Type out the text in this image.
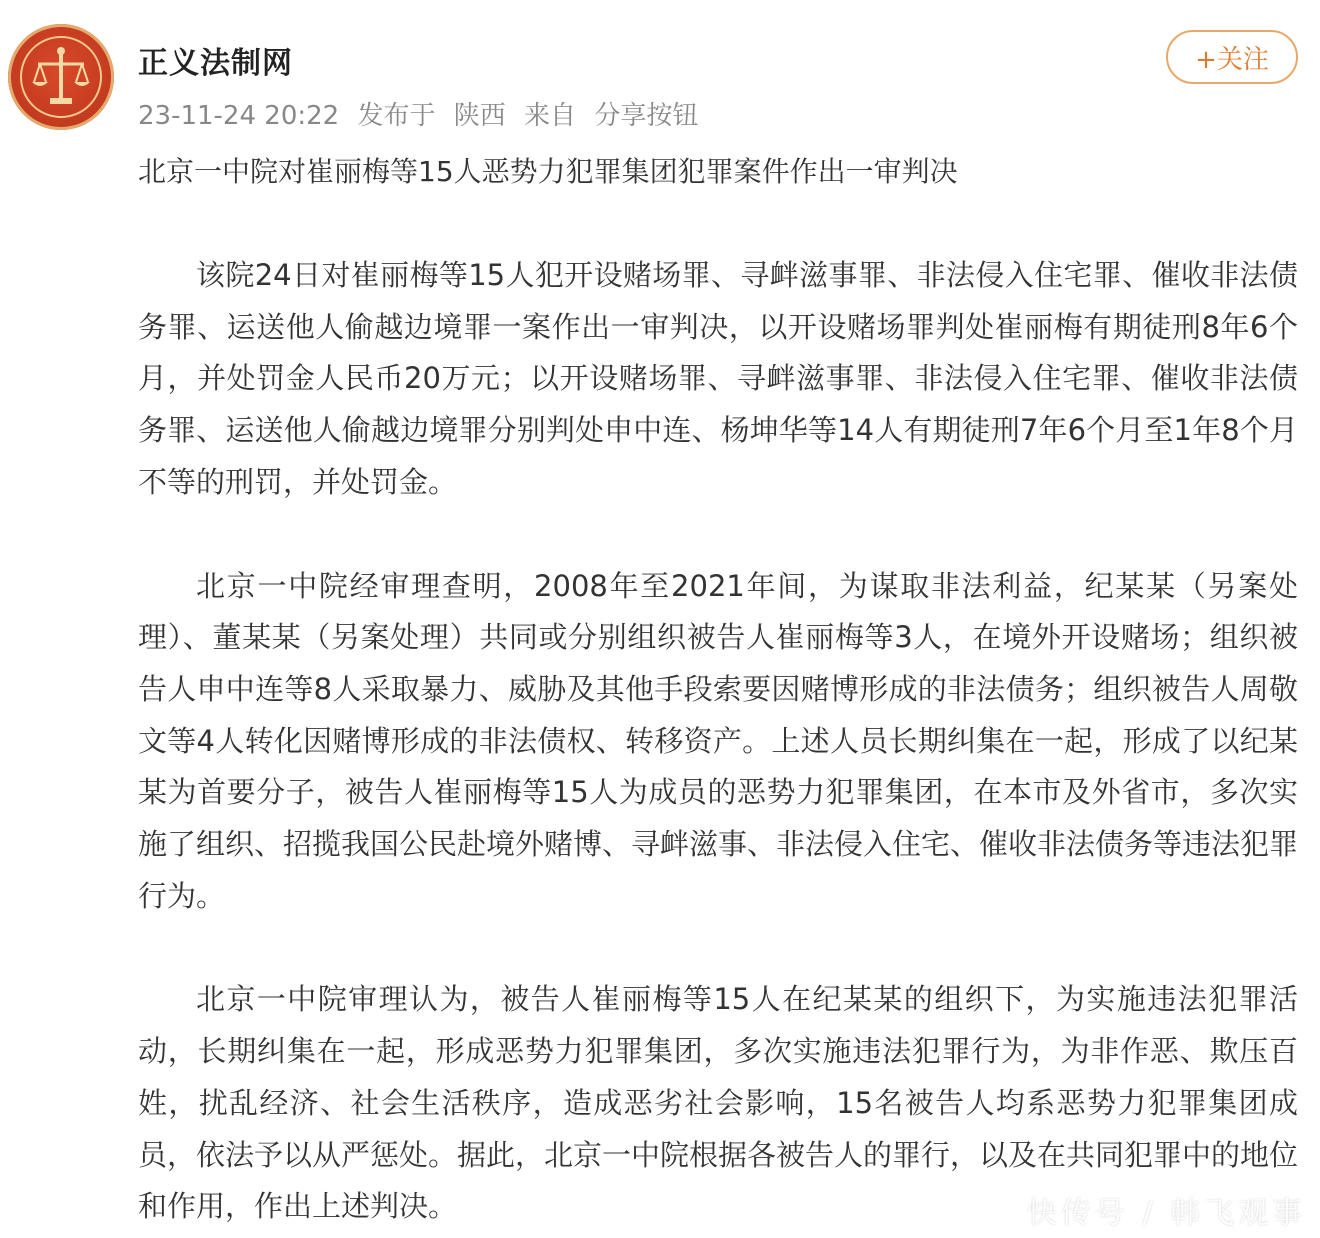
正义法制网
23-11-24 20:22 发布于 陕西 来自 分享按钮
+关注
北京一中院对崔丽梅等15人恶势力犯罪集团犯罪案件作出一审判决

该院24日对崔丽梅等15人犯开设赌场罪、寻衅滋事罪、非法侵入住宅罪、催收非法债务罪、运送他人偷越边境罪一案作出一审判决，以开设赌场罪判处崔丽梅有期徒刑8年6个月，并处罚金人民币20万元；以开设赌场罪、寻衅滋事罪、非法侵入住宅罪、催收非法债务罪、运送他人偷越边境罪分别判处申中连、杨坤华等14人有期徒刑7年6个月至1年8个月不等的刑罚，并处罚金。

北京一中院经审理查明，2008年至2021年间，为谋取非法利益，纪某某（另案处理）、董某某（另案处理）共同或分别组织被告人崔丽梅等3人，在境外开设赌场；组织被告人申中连等8人采取暴力、威胁及其他手段索要因赌博形成的非法债务；组织被告人周敬文等4人转化因赌博形成的非法债权、转移资产。上述人员长期纠集在一起，形成了以纪某某为首要分子，被告人崔丽梅等15人为成员的恶势力犯罪集团，在本市及外省市，多次实施了组织、招揽我国公民赴境外赌博、寻衅滋事、非法侵入住宅、催收非法债务等违法犯罪行为。

北京一中院审理认为，被告人崔丽梅等15人在纪某某的组织下，为实施违法犯罪活动，长期纠集在一起，形成恶势力犯罪集团，多次实施违法犯罪行为，为非作恶、欺压百姓，扰乱经济、社会生活秩序，造成恶劣社会影响，15名被告人均系恶势力犯罪集团成员，依法予以从严惩处。据此，北京一中院根据各被告人的罪行，以及在共同犯罪中的地位和作用，作出上述判决。	快传号 / 韩飞观事
